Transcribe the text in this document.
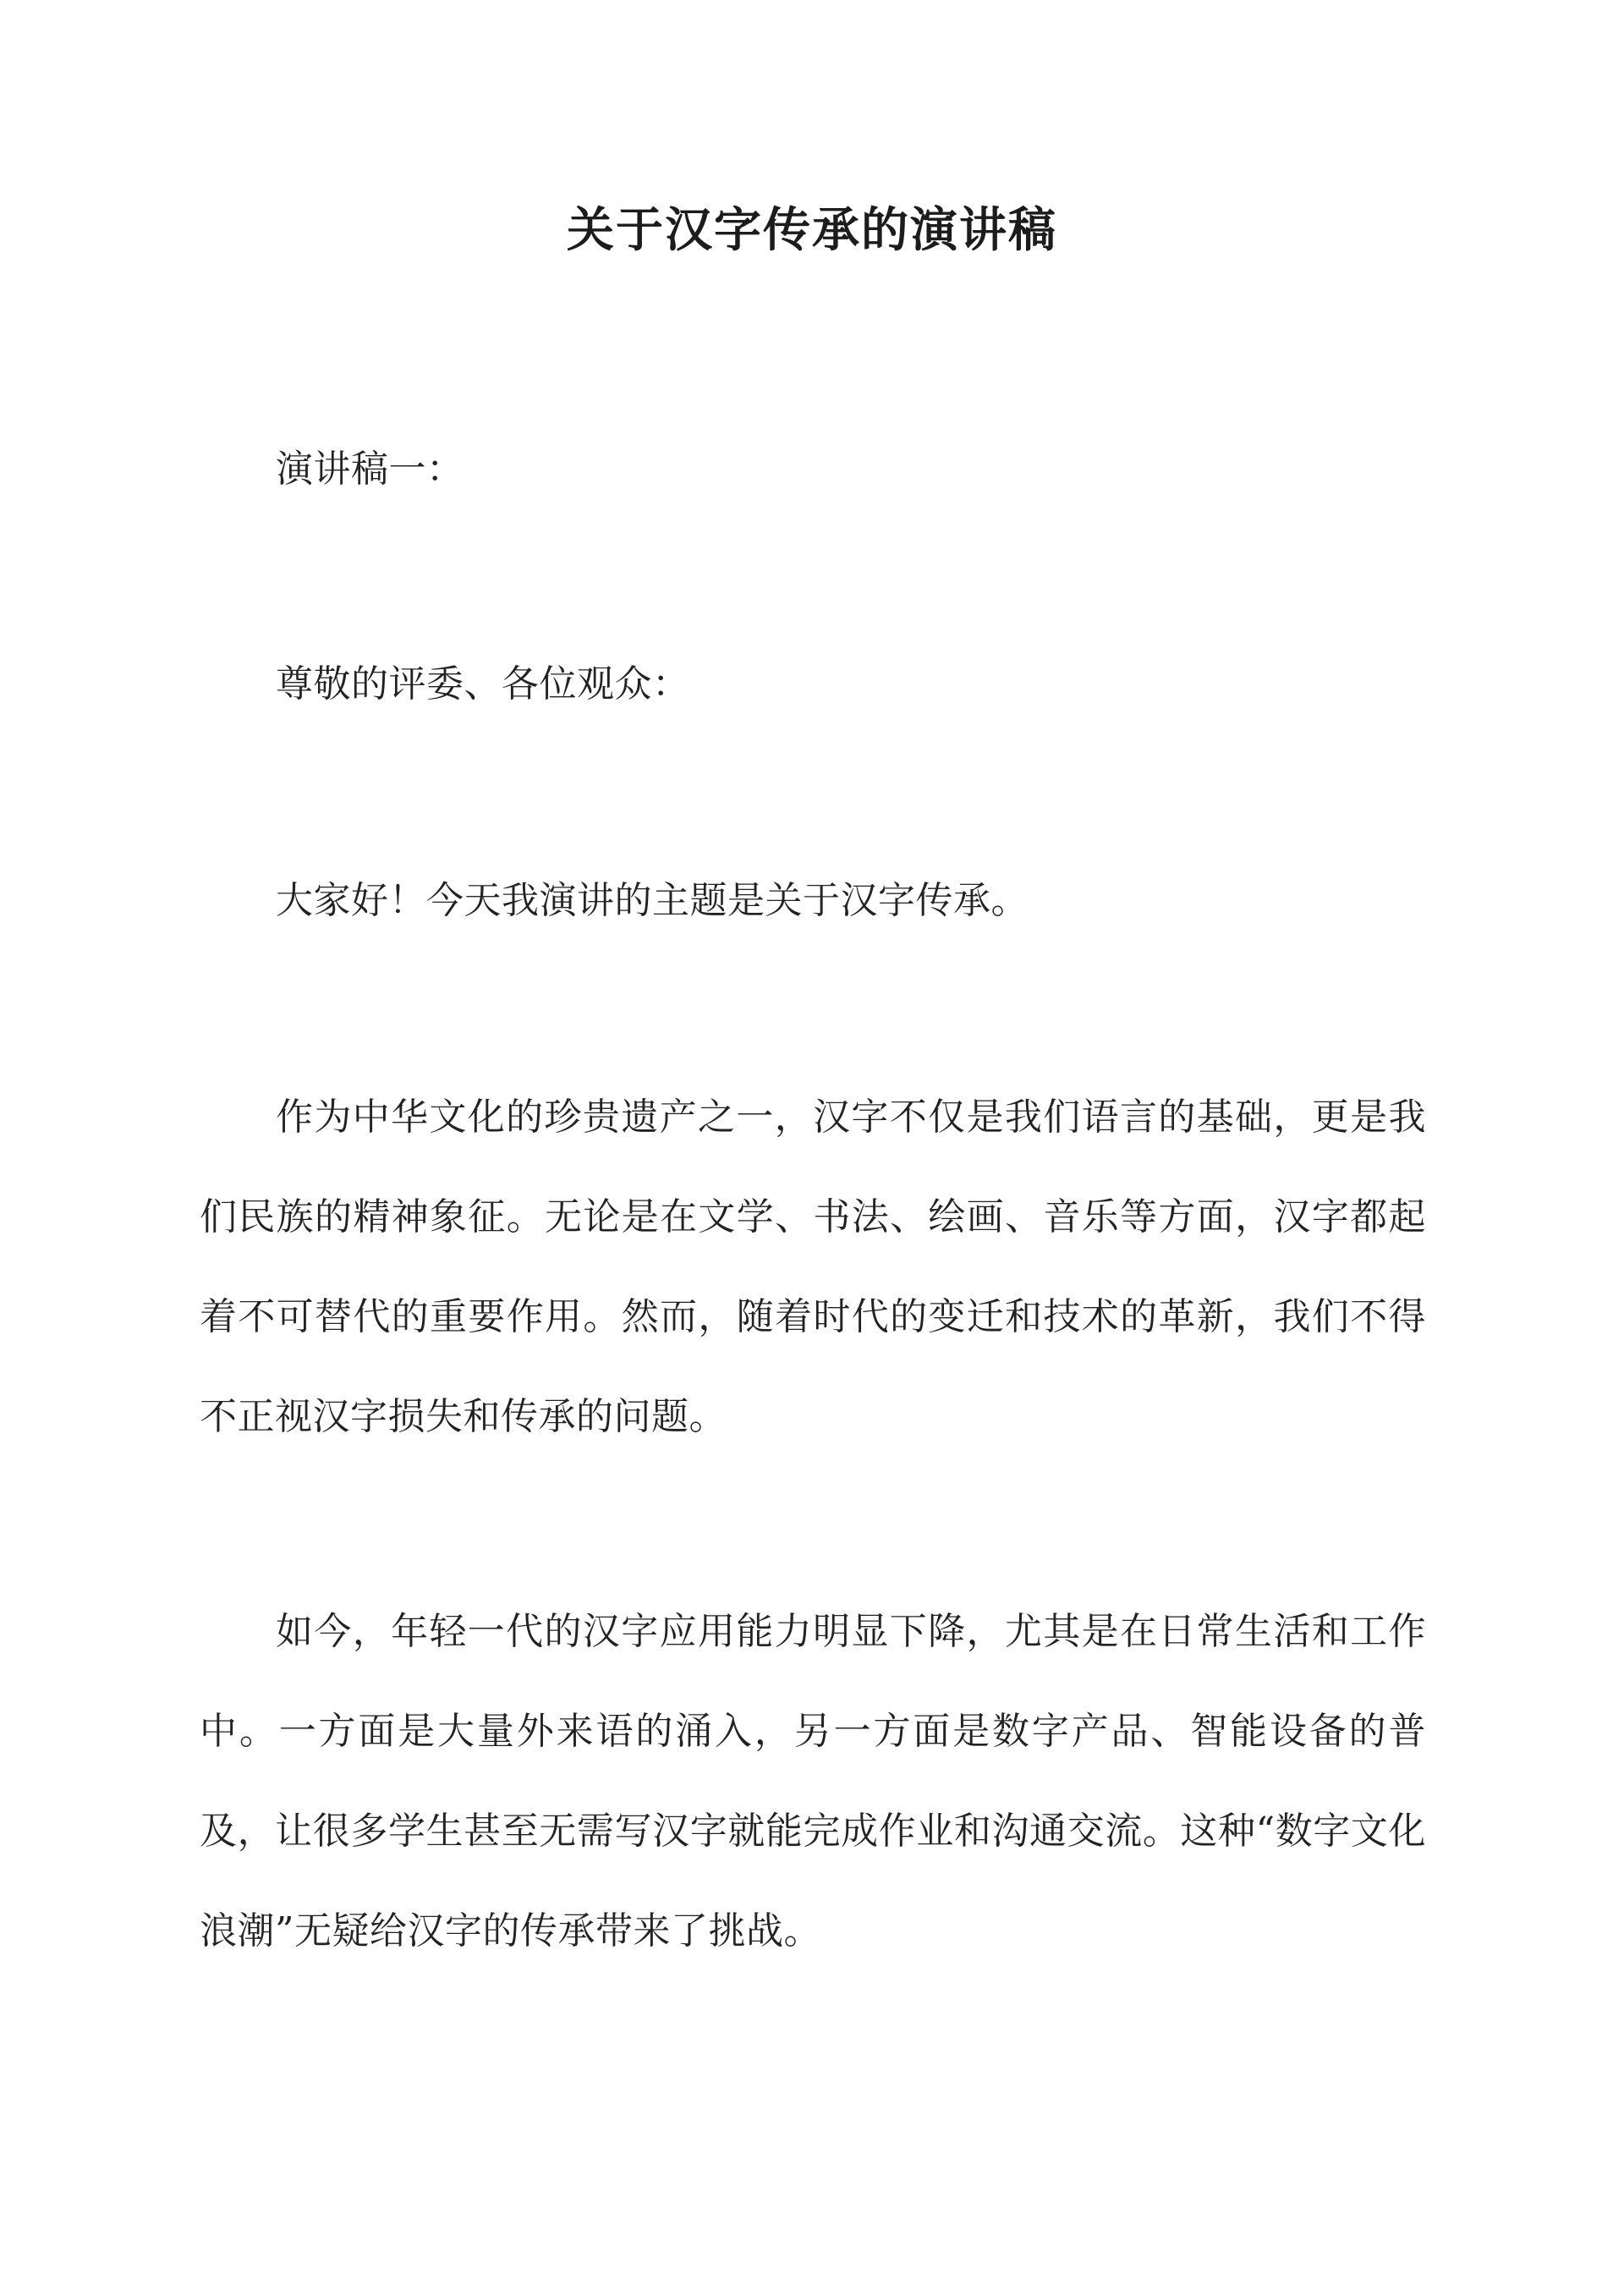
关于汉字传承的演讲稿

演讲稿一：

尊敬的评委、各位观众：

大家好！今天我演讲的主题是关于汉字传承。

作为中华文化的珍贵遗产之一，汉字不仅是我们语言的基础，更是我们民族的精神象征。无论是在文学、书法、绘画、音乐等方面，汉字都起着不可替代的重要作用。然而，随着时代的变迁和技术的革新，我们不得不正视汉字损失和传承的问题。

如今，年轻一代的汉字应用能力明显下降，尤其是在日常生活和工作中。一方面是大量外来语的涌入，另一方面是数字产品、智能设备的普及，让很多学生甚至无需写汉字就能完成作业和沟通交流。这种“数字文化浪潮”无疑给汉字的传承带来了挑战。
